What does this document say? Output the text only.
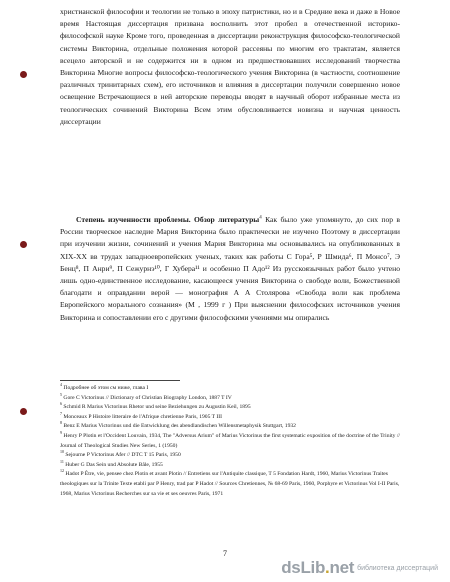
христианской философии и теологии не только в эпоху патристики, но и в Средние века и даже в Новое время Настоящая диссертация призвана восполнить этот пробел в отечественной историко-философской науке Кроме того, проведенная в диссертации реконструкция философско-теологической системы Викторина, отдельные положения которой рассеяны по многим его трактатам, является всецело авторской и не содержится ни в одном из предшествовавших исследований творчества Викторина Многие вопросы философско-теологического учения Викторина (в частности, соотношение различных тринитарных схем), его источников и влияния в диссертации получили совершенно новое освещение Встречающиеся в ней авторские переводы вводят в научный оборот избранные места из теологических сочинений Викторина Всем этим обусловливается новизна и научная ценность диссертации

Степень изученности проблемы. Обзор литературы$^4$ Как было уже упомянуто, до сих пор в России творческое наследие Мария Викторина было практически не изучено Поэтому в диссертации при изучении жизни, сочинений и учения Мария Викторина мы основывались на опубликованных в XIX-XX вв трудах западноевропейских ученых, таких как работы С Гора⁵, Р Шмида⁶, П Монсо⁷, Э Бенц⁸, П Анри⁹, П Сежурнэ¹⁰, Г Хубера¹¹ и особенно П Адо¹² Из русскоязычных работ было учтено лишь одно-единственное исследование, касающееся учения Викторина о свободе воли, Божественной благодати и оправдании верой — монография А А Столярова «Свобода воли как проблема Европейского морального сознания» (М , 1999 г ) При выяснении философских источников учения Викторина и сопоставлении его с другими философскими учениями мы опирались

$^4$ Подробнее об этом см ниже, глава I

$^5$ Gore C Victorinus // Dictionary of Christian Biography London, 1887 T IV

$^6$ Schmid R Marius Victorinus Rhetor und seine Beziehungen zu Augustin Keil, 1895

$^7$ Monceaux P Histoire litteraire de l'Afrique chretienne Paris, 1905 T III

$^8$ Benz E Marius Victorinus und die Entwicklung des abendlandischen Willensmetaphysik Stuttgart, 1932

$^9$ Henry P Plotin et l'Occident Louvain, 1934, The "Adversus Arium" of Marius Victorinus the first systematic exposition of the doctrine of the Trinity // Journal of Theological Studies New Series, 1 (1950)

$^{10}$ Sejourne P Victorinus Afer // DTC T 15 Paris, 1950

$^{11}$ Huber G Das Sein und Absolute Bâle, 1955

$^{12}$ Hadot P Être, vie, pensee chez Plotin et avant Plotin // Entretiens sur l'Antiquite classique, T 5 Fondation Hardt, 1960, Marius Victorinus Traites theologiques sur la Trinite Texte etabli par P Henry, trad par P Hadot // Sources Chretiennes, № 68-69 Paris, 1960, Porphyre et Victorinus Vol I-II Paris, 1968, Marius Victorinus Recherches sur sa vie et ses oeuvres Paris, 1971

7
dsLib.net библиотека диссертаций
